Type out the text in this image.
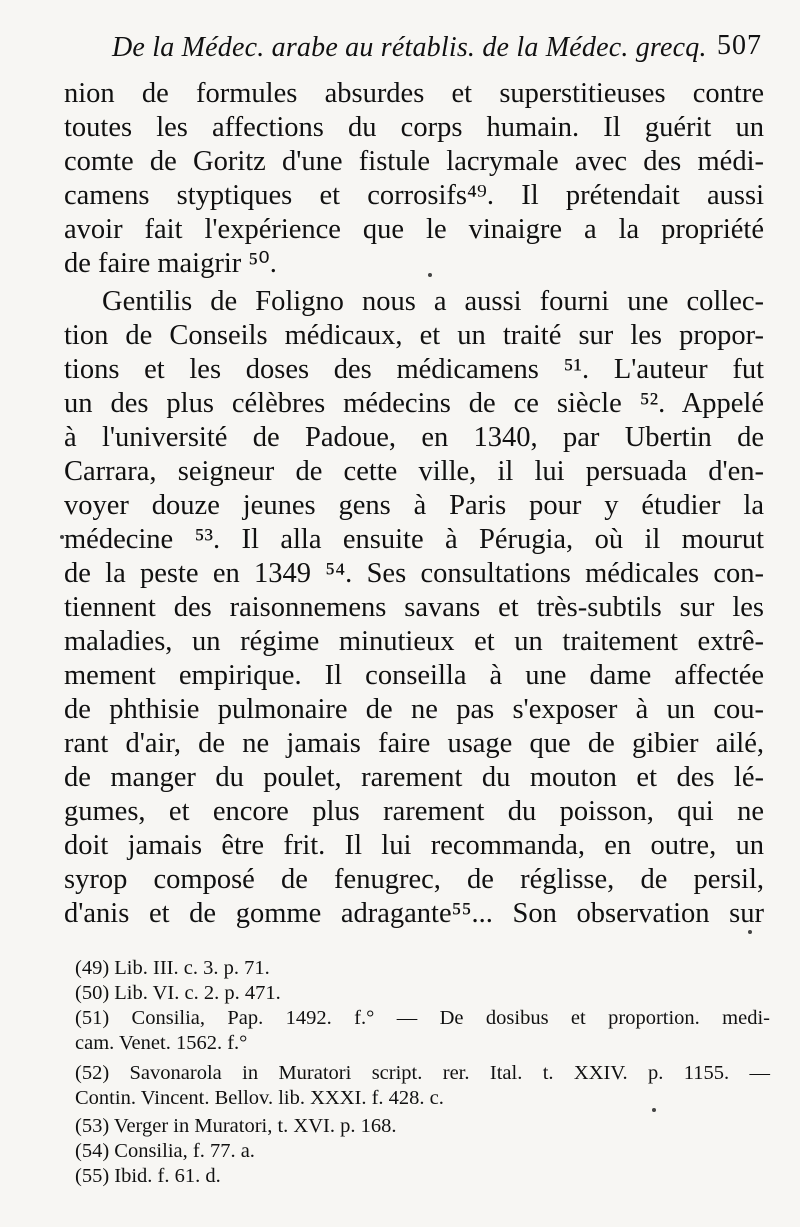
De la Médec. arabe au rétablis. de la Médec. grecq. 507
nion de formules absurdes et superstitieuses contre
toutes les affections du corps humain. Il guérit un
comte de Goritz d'une fistule lacrymale avec des médi-
camens styptiques et corrosifs⁴⁹. Il prétendait aussi
avoir fait l'expérience que le vinaigre a la propriété
de faire maigrir ⁵⁰.
Gentilis de Foligno nous a aussi fourni une collec-
tion de Conseils médicaux, et un traité sur les propor-
tions et les doses des médicamens ⁵¹. L'auteur fut
un des plus célèbres médecins de ce siècle ⁵². Appelé
à l'université de Padoue, en 1340, par Ubertin de
Carrara, seigneur de cette ville, il lui persuada d'en-
voyer douze jeunes gens à Paris pour y étudier la
médecine ⁵³. Il alla ensuite à Pérugia, où il mourut
de la peste en 1349 ⁵⁴. Ses consultations médicales con-
tiennent des raisonnemens savans et très-subtils sur les
maladies, un régime minutieux et un traitement extrê-
mement empirique. Il conseilla à une dame affectée
de phthisie pulmonaire de ne pas s'exposer à un cou-
rant d'air, de ne jamais faire usage que de gibier ailé,
de manger du poulet, rarement du mouton et des lé-
gumes, et encore plus rarement du poisson, qui ne
doit jamais être frit. Il lui recommanda, en outre, un
syrop composé de fenugrec, de réglisse, de persil,
d'anis et de gomme adragante⁵⁵... Son observation sur
(49) Lib. III. c. 3. p. 71.
(50) Lib. VI. c. 2. p. 471.
(51) Consilia, Pap. 1492. f.° — De dosibus et proportion. medi-
cam. Venet. 1562. f.°
(52) Savonarola in Muratori script. rer. Ital. t. XXIV. p. 1155. —
Contin. Vincent. Bellov. lib. XXXI. f. 428. c.
(53) Verger in Muratori, t. XVI. p. 168.
(54) Consilia, f. 77. a.
(55) Ibid. f. 61. d.
